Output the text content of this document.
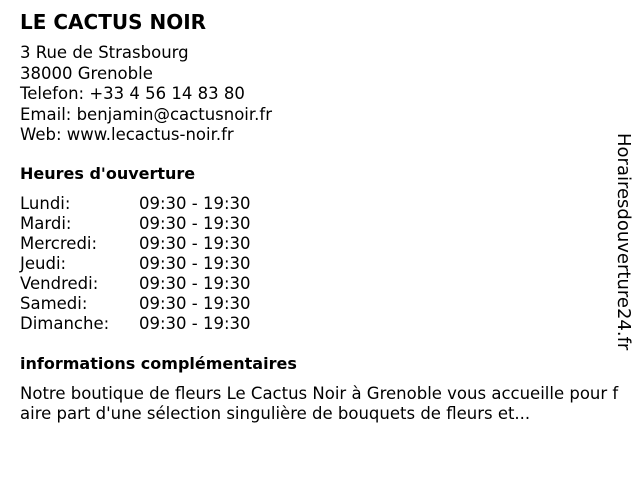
LE CACTUS NOIR
3 Rue de Strasbourg
38000 Grenoble
Telefon: +33 4 56 14 83 80
Email: benjamin@cactusnoir.fr
Web: www.lecactus-noir.fr
Heures d'ouverture
Lundi:	09:30 - 19:30
Mardi:	09:30 - 19:30
Mercredi:	09:30 - 19:30
Jeudi:	09:30 - 19:30
Vendredi: 09:30 - 19:30
Samedi:	09:30 - 19:30
Dimanche: 09:30 - 19:30
informations complémentaires
Notre boutique de fleurs Le Cactus Noir à Grenoble vous accueille pour faire part d'une sélection singulière de bouquets de fleurs et...
Horairesdouverture24.fr
